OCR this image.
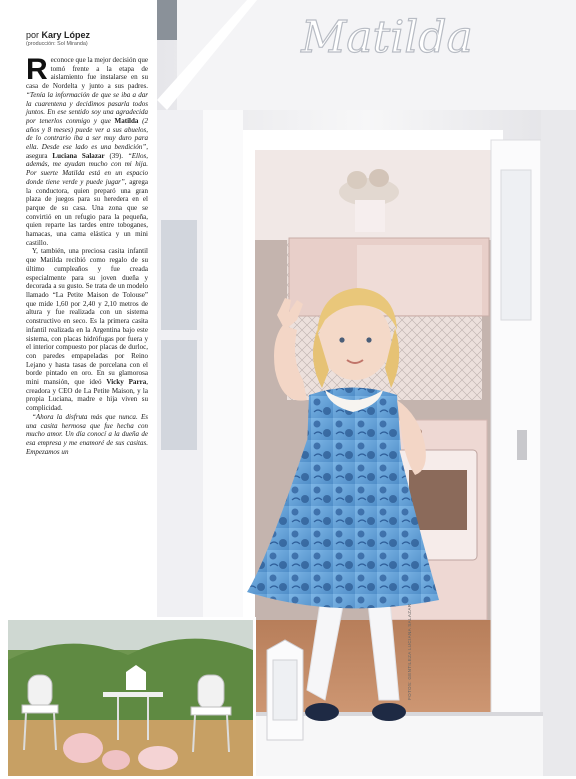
por Kary López
(producción: Sol Miranda)

Reconoce que la mejor decisión que tomó frente a la etapa de aislamiento fue instalarse en su casa de Nordelta y junto a sus padres. “Tenía la información de que se iba a dar la cuarentena y decidimos pasarla todos juntos. En ese sentido soy una agradecida por tenerlos conmigo y que Matilda (2 años y 8 meses) puede ver a sus abuelos, de lo contrario iba a ser muy duro para ella. Desde ese lado es una bendición”, asegura Luciana Salazar (39). “Ellos, además, me ayudan mucho con mi hija. Por suerte Matilda está en un espacio donde tiene verde y puede jugar”, agrega la conductora, quien preparó una gran plaza de juegos para su heredera en el parque de su casa. Una zona que se convirtió en un refugio para la pequeña, quien reparte las tardes entre toboganes, hamacas, una cama elástica y un mini castillo.

Y, también, una preciosa casita infantil que Matilda recibió como regalo de su último cumpleaños y fue creada especialmente para su joven dueña y decorada a su gusto. Se trata de un modelo llamado “La Petite Maison de Tolouse” que mide 1,60 por 2,40 y 2,10 metros de altura y fue realizada con un sistema constructivo en seco. Es la primera casita infantil realizada en la Argentina bajo este sistema, con placas hidrófugas por fuera y el interior compuesto por placas de durloc, con paredes empapeladas por Reino Lejano y hasta tasas de porcelana con el borde pintado en oro. En su glamorosa mini mansión, que ideó Vicky Parra, creadora y CEO de La Petite Maison, y la propia Luciana, madre e hija viven su complicidad.

“Ahora la disfruta más que nunca. Es una casita hermosa que fue hecha con mucho amor. Un día conocí a la dueña de esa empresa y me enamoré de sus casitas. Empezamos un

Matilda
FOTOS: GENTILEZA LUCIANA SALAZAR
